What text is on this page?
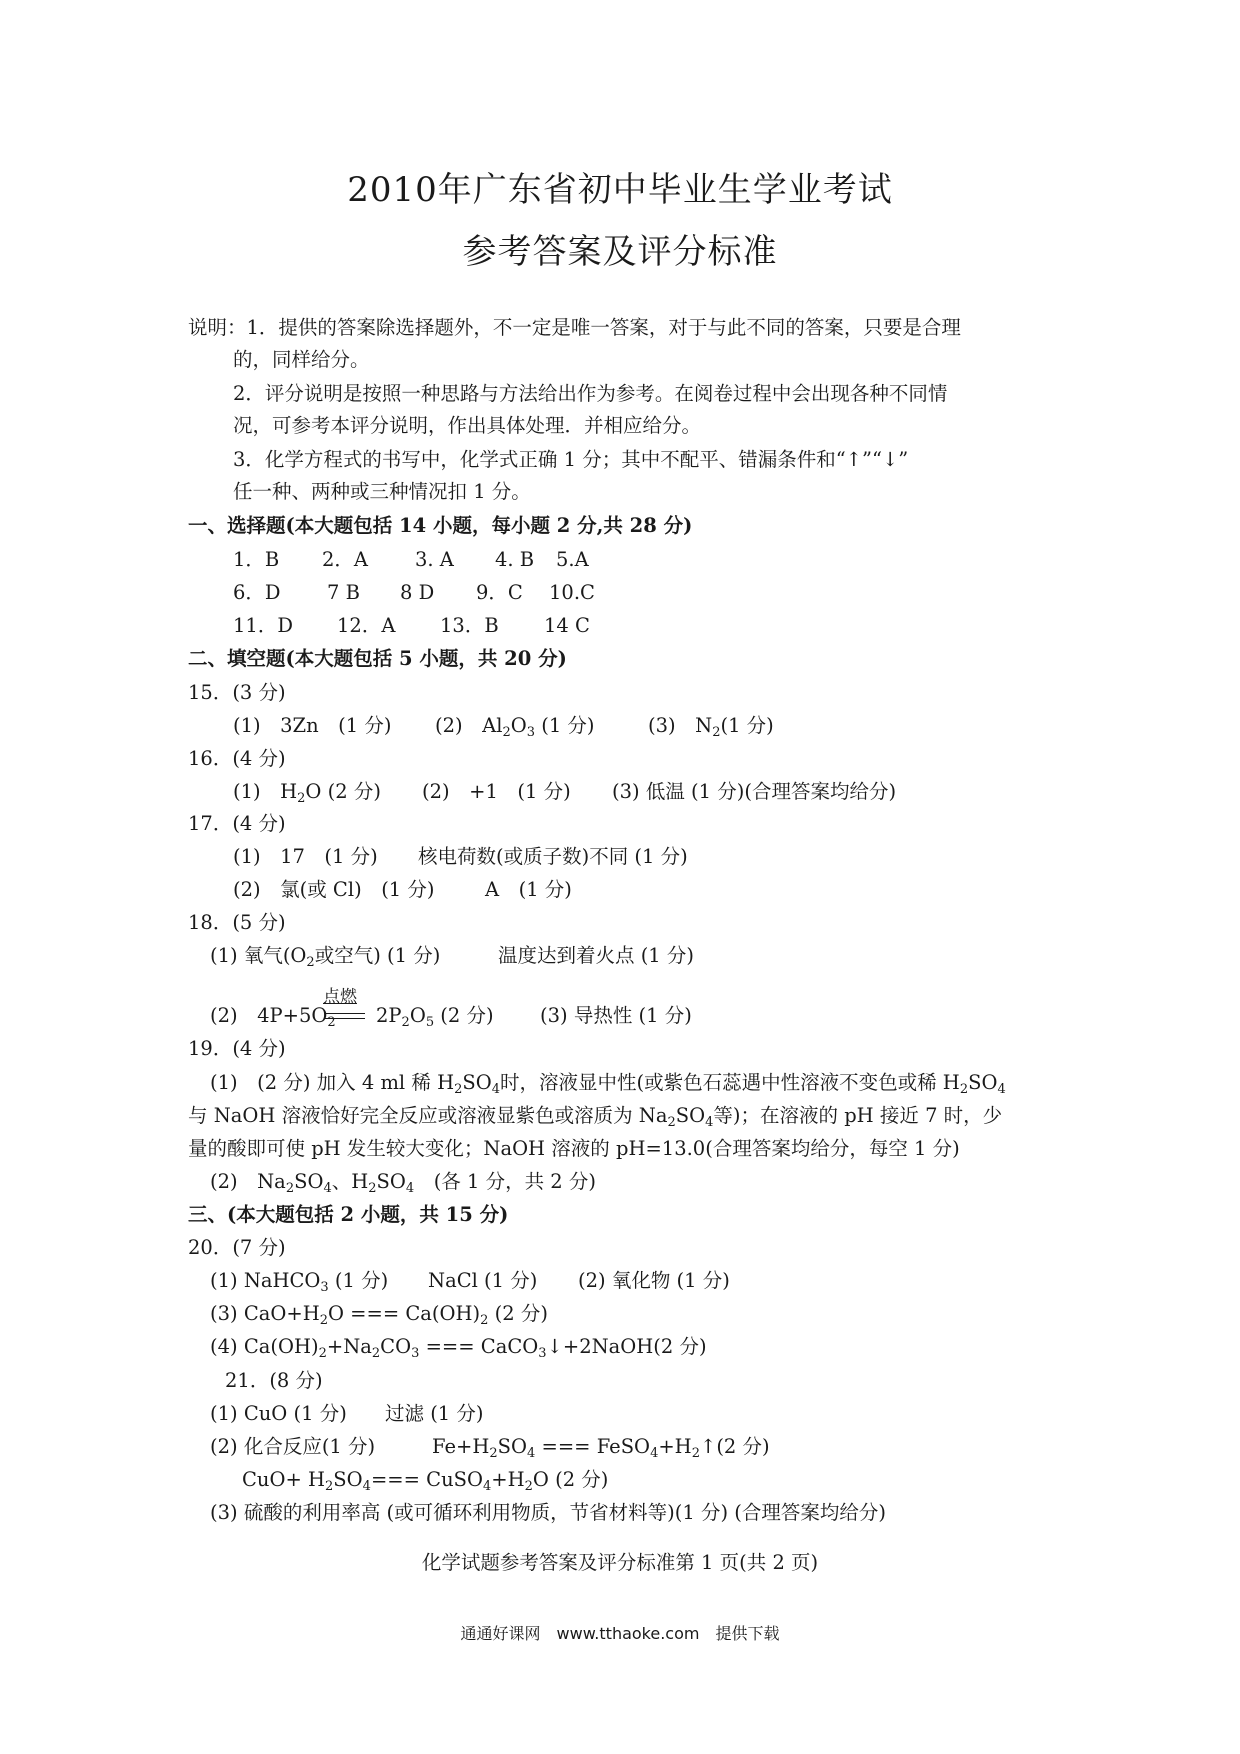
2010年广东省初中毕业生学业考试
参考答案及评分标准
说明：1．提供的答案除选择题外，不一定是唯一答案，对于与此不同的答案，只要是合理
的，同样给分。
2．评分说明是按照一种思路与方法给出作为参考。在阅卷过程中会出现各种不同情
况，可参考本评分说明，作出具体处理．并相应给分。
3．化学方程式的书写中，化学式正确 1 分；其中不配平、错漏条件和“↑”“↓”
任一种、两种或三种情况扣 1 分。
一、选择题(本大题包括 14 小题，每小题 2 分,共 28 分)
1．B 2．A 3. A 4. B 5.A
6．D 7 B 8 D 9．C 10.C
11．D 12．A 13．B 14 C
二、填空题(本大题包括 5 小题，共 20 分)
15．(3 分)
(1)　3Zn　(1 分) (2)　$Al_2O_3$ (1 分)	(3)　$N_2(1$ 分)
16．(4 分)
(1)　$H_2O$ (2 分) (2)　+1　(1 分) (3) 低温 (1 分)(合理答案均给分)
17．(4 分)
(1)　17　(1 分) 核电荷数(或质子数)不同 (1 分)
(2)　氯(或 Cl)　(1 分)	A　(1 分)
18．(5 分)
(1) 氧气($O_2$或空气) (1 分)	温度达到着火点 (1 分)
点燃
(2)　$4P+5O_2$ $2P_2O_5$ (2 分) (3) 导热性 (1 分)
19．(4 分)
(1)　(2 分) 加入 4 ml 稀 $H_2SO_4$时，溶液显中性(或紫色石蕊遇中性溶液不变色或稀 $H_2SO_4$
与 NaOH 溶液恰好完全反应或溶液显紫色或溶质为 $Na_2SO_4$等)；在溶液的 pH 接近 7 时，少
量的酸即可使 pH 发生较大变化；NaOH 溶液的 pH=13.0(合理答案均给分，每空 1 分)
(2)　$Na_2SO_4$、$H_2SO_4$　 (各 1 分，共 2 分)
三、(本大题包括 2 小题，共 15 分)
20．(7 分)
(1) NaHCO$_3$ (1 分) NaCl (1 分) (2) 氧化物 (1 分)
(3) $CaO+H_2O$ === $Ca(OH)_2$ (2 分)
(4) $Ca(OH)_2+Na_2CO_3$ === CaCO$_3$↓+2NaOH(2 分)
21．(8 分)
(1) CuO (1 分) 过滤 (1 分)
(2) 化合反应(1 分)	$Fe+H_2SO_4$ === $FeSO_4+H_2↑(2$ 分)
$CuO+ H_2SO_4===$ $CuSO_4+H_2O$ (2 分)
(3) 硫酸的利用率高 (或可循环利用物质，节省材料等)(1 分) (合理答案均给分)
化学试题参考答案及评分标准第 1 页(共 2 页)
通通好课网　www.tthaoke.com　提供下载
